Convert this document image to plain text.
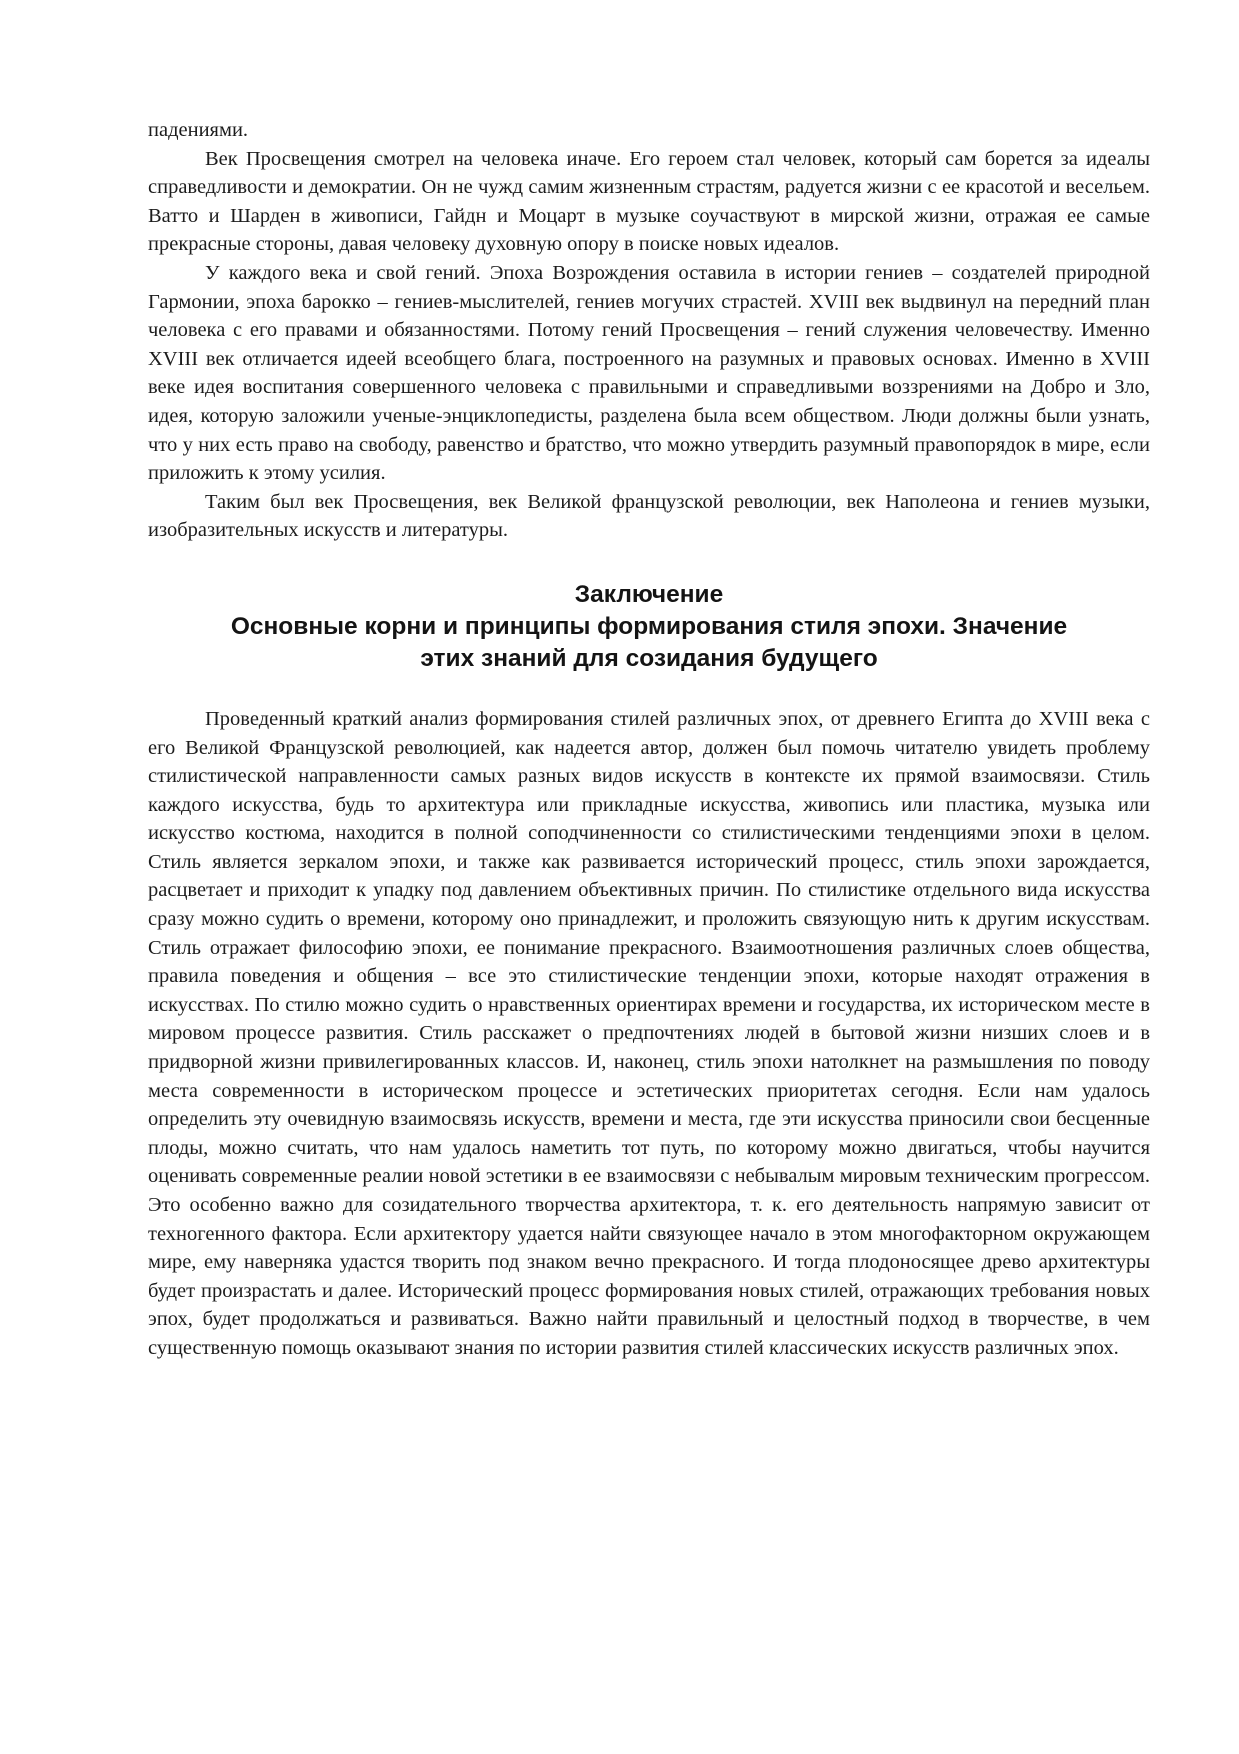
падениями.

Век Просвещения смотрел на человека иначе. Его героем стал человек, который сам борется за идеалы справедливости и демократии. Он не чужд самим жизненным страстям, радуется жизни с ее красотой и весельем. Ватто и Шарден в живописи, Гайдн и Моцарт в музыке соучаствуют в мирской жизни, отражая ее самые прекрасные стороны, давая человеку духовную опору в поиске новых идеалов.

У каждого века и свой гений. Эпоха Возрождения оставила в истории гениев – создателей природной Гармонии, эпоха барокко – гениев-мыслителей, гениев могучих страстей. XVIII век выдвинул на передний план человека с его правами и обязанностями. Потому гений Просвещения – гений служения человечеству. Именно XVIII век отличается идеей всеобщего блага, построенного на разумных и правовых основах. Именно в XVIII веке идея воспитания совершенного человека с правильными и справедливыми воззрениями на Добро и Зло, идея, которую заложили ученые-энциклопедисты, разделена была всем обществом. Люди должны были узнать, что у них есть право на свободу, равенство и братство, что можно утвердить разумный правопорядок в мире, если приложить к этому усилия.

Таким был век Просвещения, век Великой французской революции, век Наполеона и гениев музыки, изобразительных искусств и литературы.

Заключение
Основные корни и принципы формирования стиля эпохи. Значение
этих знаний для созидания будущего

Проведенный краткий анализ формирования стилей различных эпох, от древнего Египта до XVIII века с его Великой Французской революцией, как надеется автор, должен был помочь читателю увидеть проблему стилистической направленности самых разных видов искусств в контексте их прямой взаимосвязи. Стиль каждого искусства, будь то архитектура или прикладные искусства, живопись или пластика, музыка или искусство костюма, находится в полной соподчиненности со стилистическими тенденциями эпохи в целом. Стиль является зеркалом эпохи, и также как развивается исторический процесс, стиль эпохи зарождается, расцветает и приходит к упадку под давлением объективных причин. По стилистике отдельного вида искусства сразу можно судить о времени, которому оно принадлежит, и проложить связующую нить к другим искусствам. Стиль отражает философию эпохи, ее понимание прекрасного. Взаимоотношения различных слоев общества, правила поведения и общения – все это стилистические тенденции эпохи, которые находят отражения в искусствах. По стилю можно судить о нравственных ориентирах времени и государства, их историческом месте в мировом процессе развития. Стиль расскажет о предпочтениях людей в бытовой жизни низших слоев и в придворной жизни привилегированных классов. И, наконец, стиль эпохи натолкнет на размышления по поводу места современности в историческом процессе и эстетических приоритетах сегодня. Если нам удалось определить эту очевидную взаимосвязь искусств, времени и места, где эти искусства приносили свои бесценные плоды, можно считать, что нам удалось наметить тот путь, по которому можно двигаться, чтобы научится оценивать современные реалии новой эстетики в ее взаимосвязи с небывалым мировым техническим прогрессом. Это особенно важно для созидательного творчества архитектора, т. к. его деятельность напрямую зависит от техногенного фактора. Если архитектору удается найти связующее начало в этом многофакторном окружающем мире, ему наверняка удастся творить под знаком вечно прекрасного. И тогда плодоносящее древо архитектуры будет произрастать и далее. Исторический процесс формирования новых стилей, отражающих требования новых эпох, будет продолжаться и развиваться. Важно найти правильный и целостный подход в творчестве, в чем существенную помощь оказывают знания по истории развития стилей классических искусств различных эпох.
